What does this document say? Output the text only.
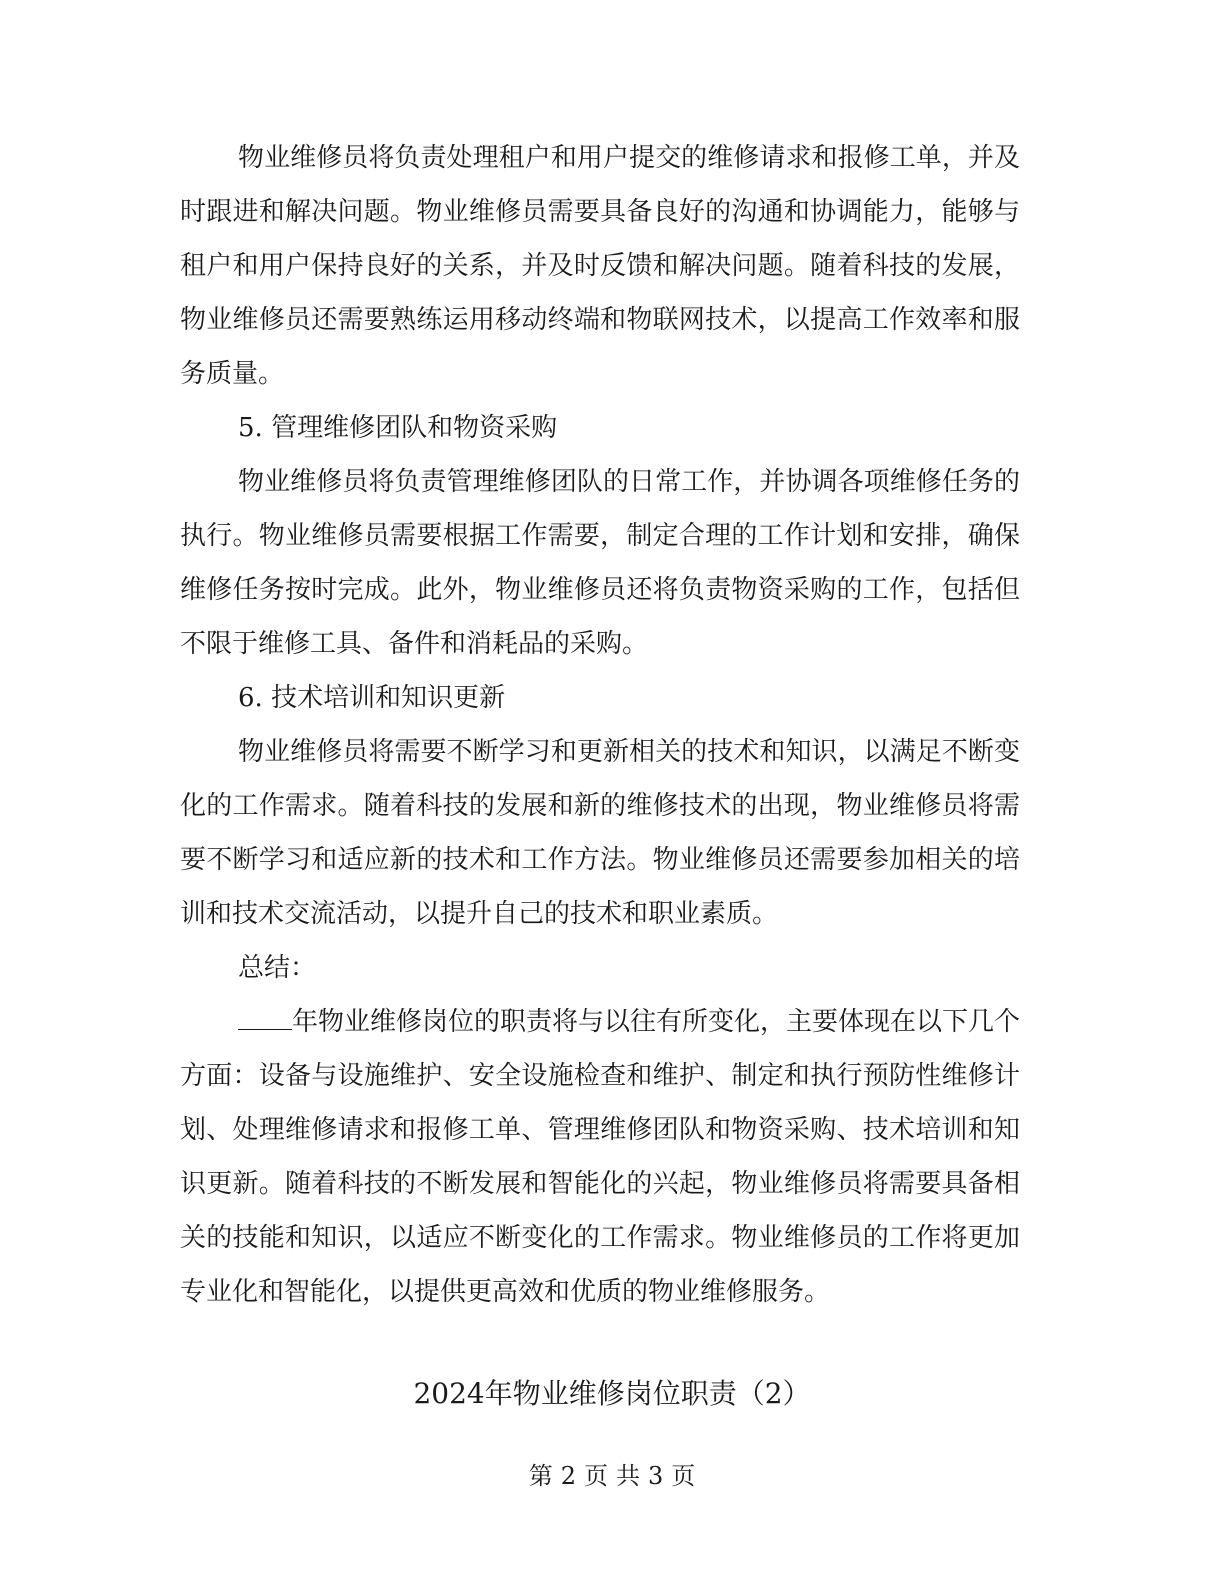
物业维修员将负责处理租户和用户提交的维修请求和报修工单，并及时跟进和解决问题。物业维修员需要具备良好的沟通和协调能力，能够与租户和用户保持良好的关系，并及时反馈和解决问题。随着科技的发展，物业维修员还需要熟练运用移动终端和物联网技术，以提高工作效率和服务质量。

5. 管理维修团队和物资采购

物业维修员将负责管理维修团队的日常工作，并协调各项维修任务的执行。物业维修员需要根据工作需要，制定合理的工作计划和安排，确保维修任务按时完成。此外，物业维修员还将负责物资采购的工作，包括但不限于维修工具、备件和消耗品的采购。

6. 技术培训和知识更新

物业维修员将需要不断学习和更新相关的技术和知识，以满足不断变化的工作需求。随着科技的发展和新的维修技术的出现，物业维修员将需要不断学习和适应新的技术和工作方法。物业维修员还需要参加相关的培训和技术交流活动，以提升自己的技术和职业素质。

总结：

年物业维修岗位的职责将与以往有所变化，主要体现在以下几个方面：设备与设施维护、安全设施检查和维护、制定和执行预防性维修计划、处理维修请求和报修工单、管理维修团队和物资采购、技术培训和知识更新。随着科技的不断发展和智能化的兴起，物业维修员将需要具备相关的技能和知识，以适应不断变化的工作需求。物业维修员的工作将更加专业化和智能化，以提供更高效和优质的物业维修服务。

2024年物业维修岗位职责（2）
第 2 页 共 3 页
